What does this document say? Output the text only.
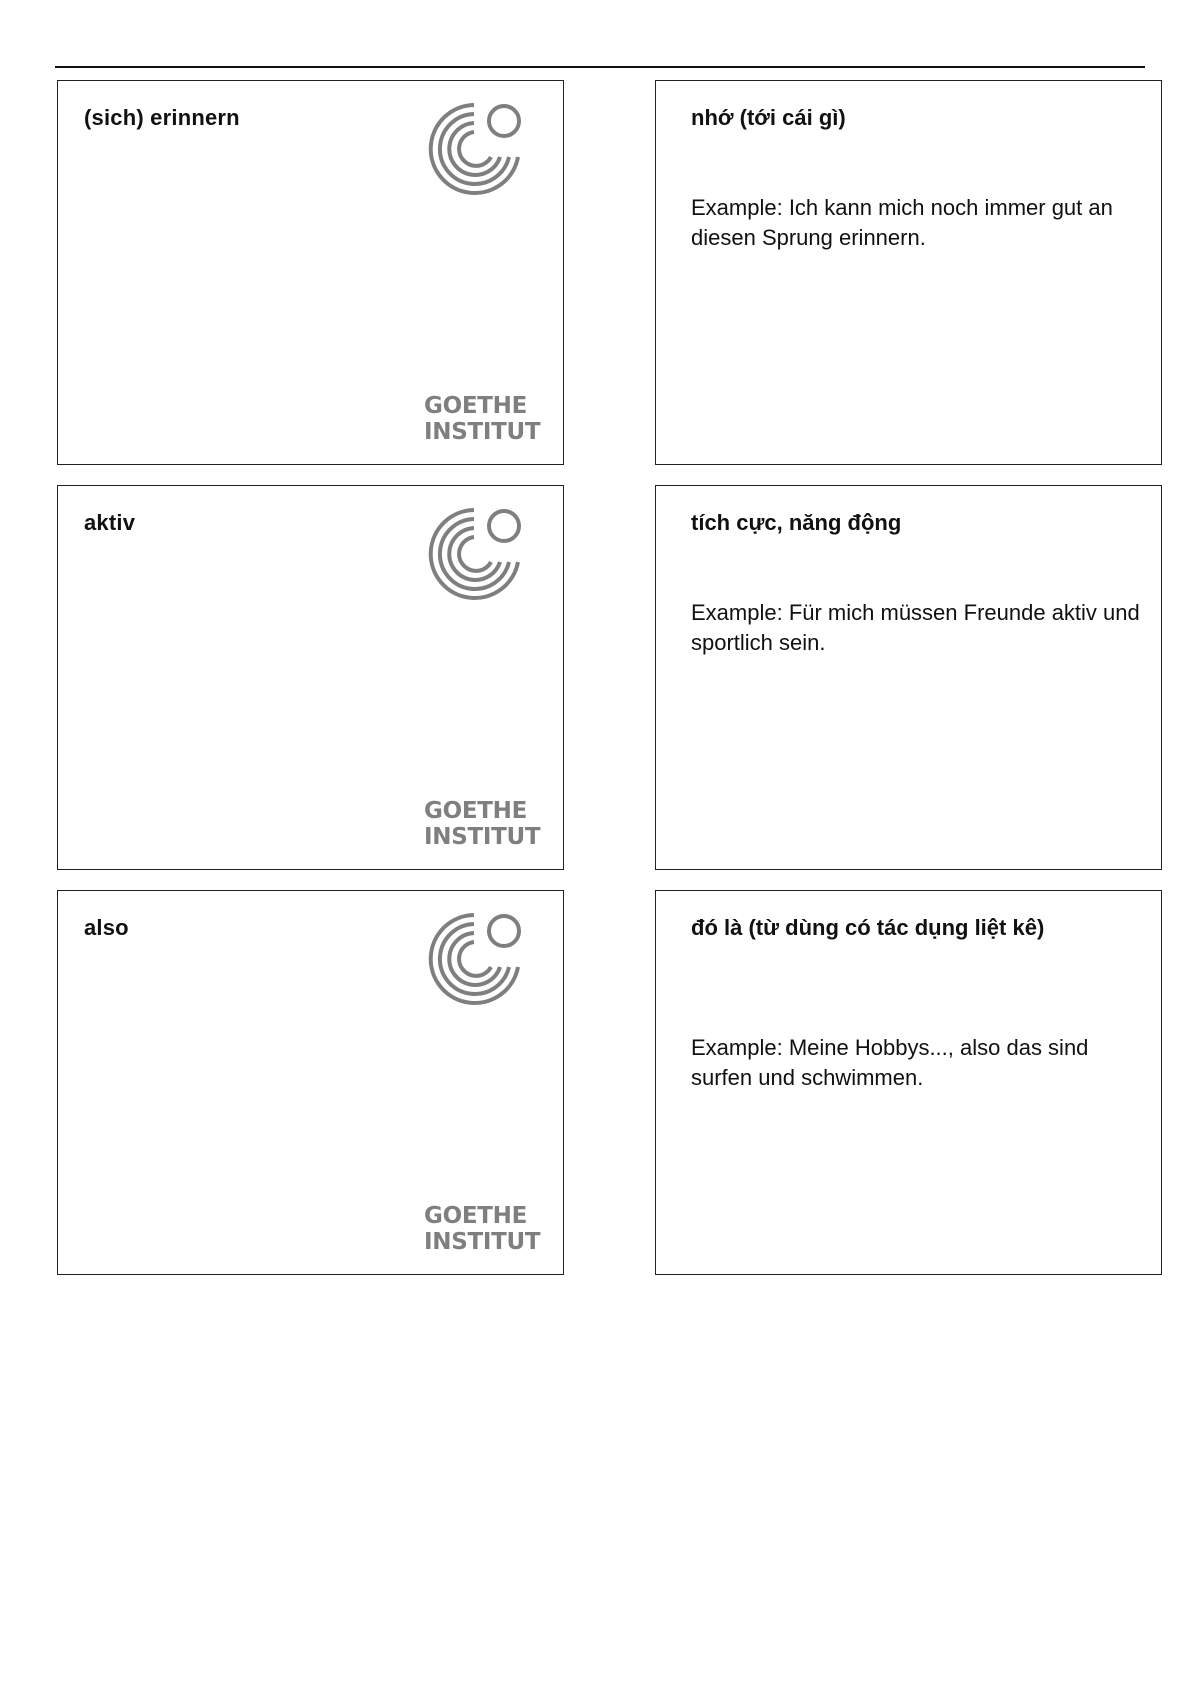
(sich) erinnern
GOETHE
INSTITUT
nhớ (tới cái gì)
Example: Ich kann mich noch immer gut an diesen Sprung erinnern.
aktiv
GOETHE
INSTITUT
tích cực, năng động
Example: Für mich müssen Freunde aktiv und sportlich sein.
also
GOETHE
INSTITUT
đó là (từ dùng có tác dụng liệt kê)
Example: Meine Hobbys..., also das sind surfen und schwimmen.
